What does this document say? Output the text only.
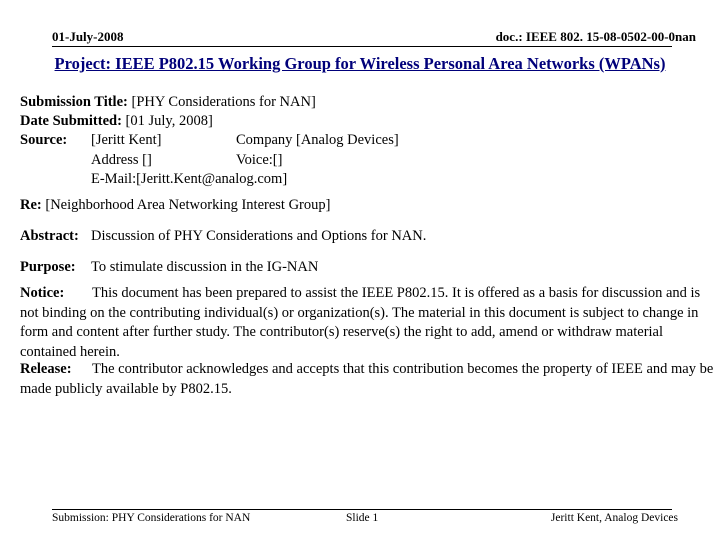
01-July-2008	doc.: IEEE 802. 15-08-0502-00-0nan
Project: IEEE P802.15 Working Group for Wireless Personal Area Networks (WPANs)
Submission Title: [PHY Considerations for NAN]
Date Submitted: [01 July, 2008]
Source: [Jeritt Kent]	Company [Analog Devices]
Address []	Voice:[]
E-Mail:[Jeritt.Kent@analog.com]
Re: [Neighborhood Area Networking Interest Group]
Abstract: Discussion of PHY Considerations and Options for NAN.
Purpose: To stimulate discussion in the IG-NAN
Notice: This document has been prepared to assist the IEEE P802.15. It is offered as a basis for discussion and is not binding on the contributing individual(s) or organization(s). The material in this document is subject to change in form and content after further study. The contributor(s) reserve(s) the right to add, amend or withdraw material contained herein.
Release: The contributor acknowledges and accepts that this contribution becomes the property of IEEE and may be made publicly available by P802.15.
Submission: PHY Considerations for NAN	Slide 1	Jeritt Kent, Analog Devices
